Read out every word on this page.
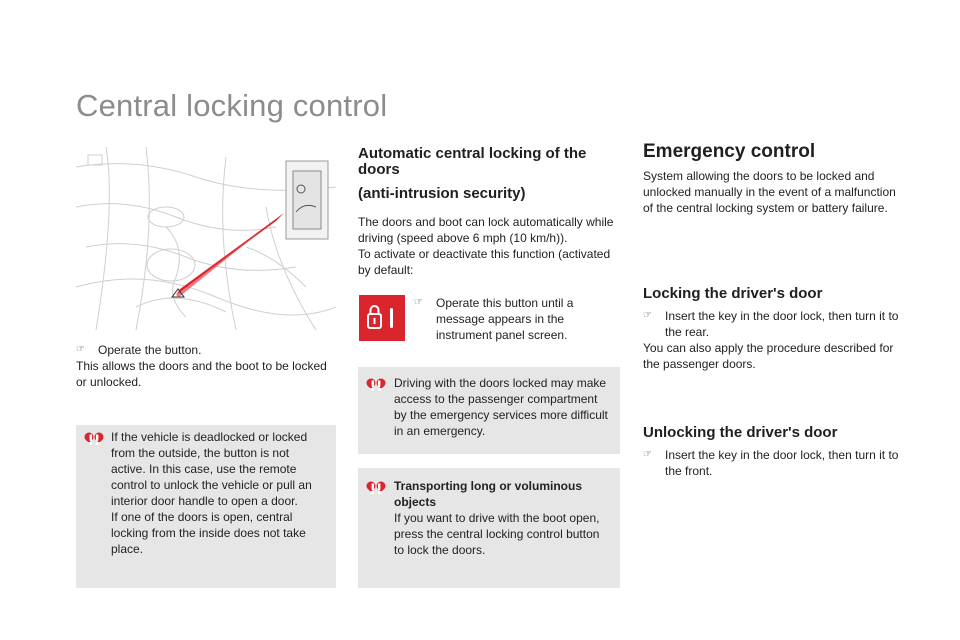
Central locking control
☞ Operate the button.

This allows the doors and the boot to be locked or unlocked.

!! If the vehicle is deadlocked or locked from the outside, the button is not active. In this case, use the remote control to unlock the vehicle or pull an interior door handle to open a door.

If one of the doors is open, central locking from the inside does not take place.

Automatic central locking of the doors
(anti-intrusion security)

The doors and boot can lock automatically while driving (speed above 6 mph (10 km/h)).

To activate or deactivate this function (activated by default:

☞ Operate this button until a message appears in the instrument panel screen.
!! Driving with the doors locked may make access to the passenger compartment by the emergency services more difficult in an emergency.

!! Transporting long or voluminous objects

If you want to drive with the boot open, press the central locking control button to lock the doors.

Emergency control

System allowing the doors to be locked and unlocked manually in the event of a malfunction of the central locking system or battery failure.

Locking the driver's door
☞ Insert the key in the door lock, then turn it to the rear.

You can also apply the procedure described for the passenger doors.

Unlocking the driver's door
☞ Insert the key in the door lock, then turn it to the front.
